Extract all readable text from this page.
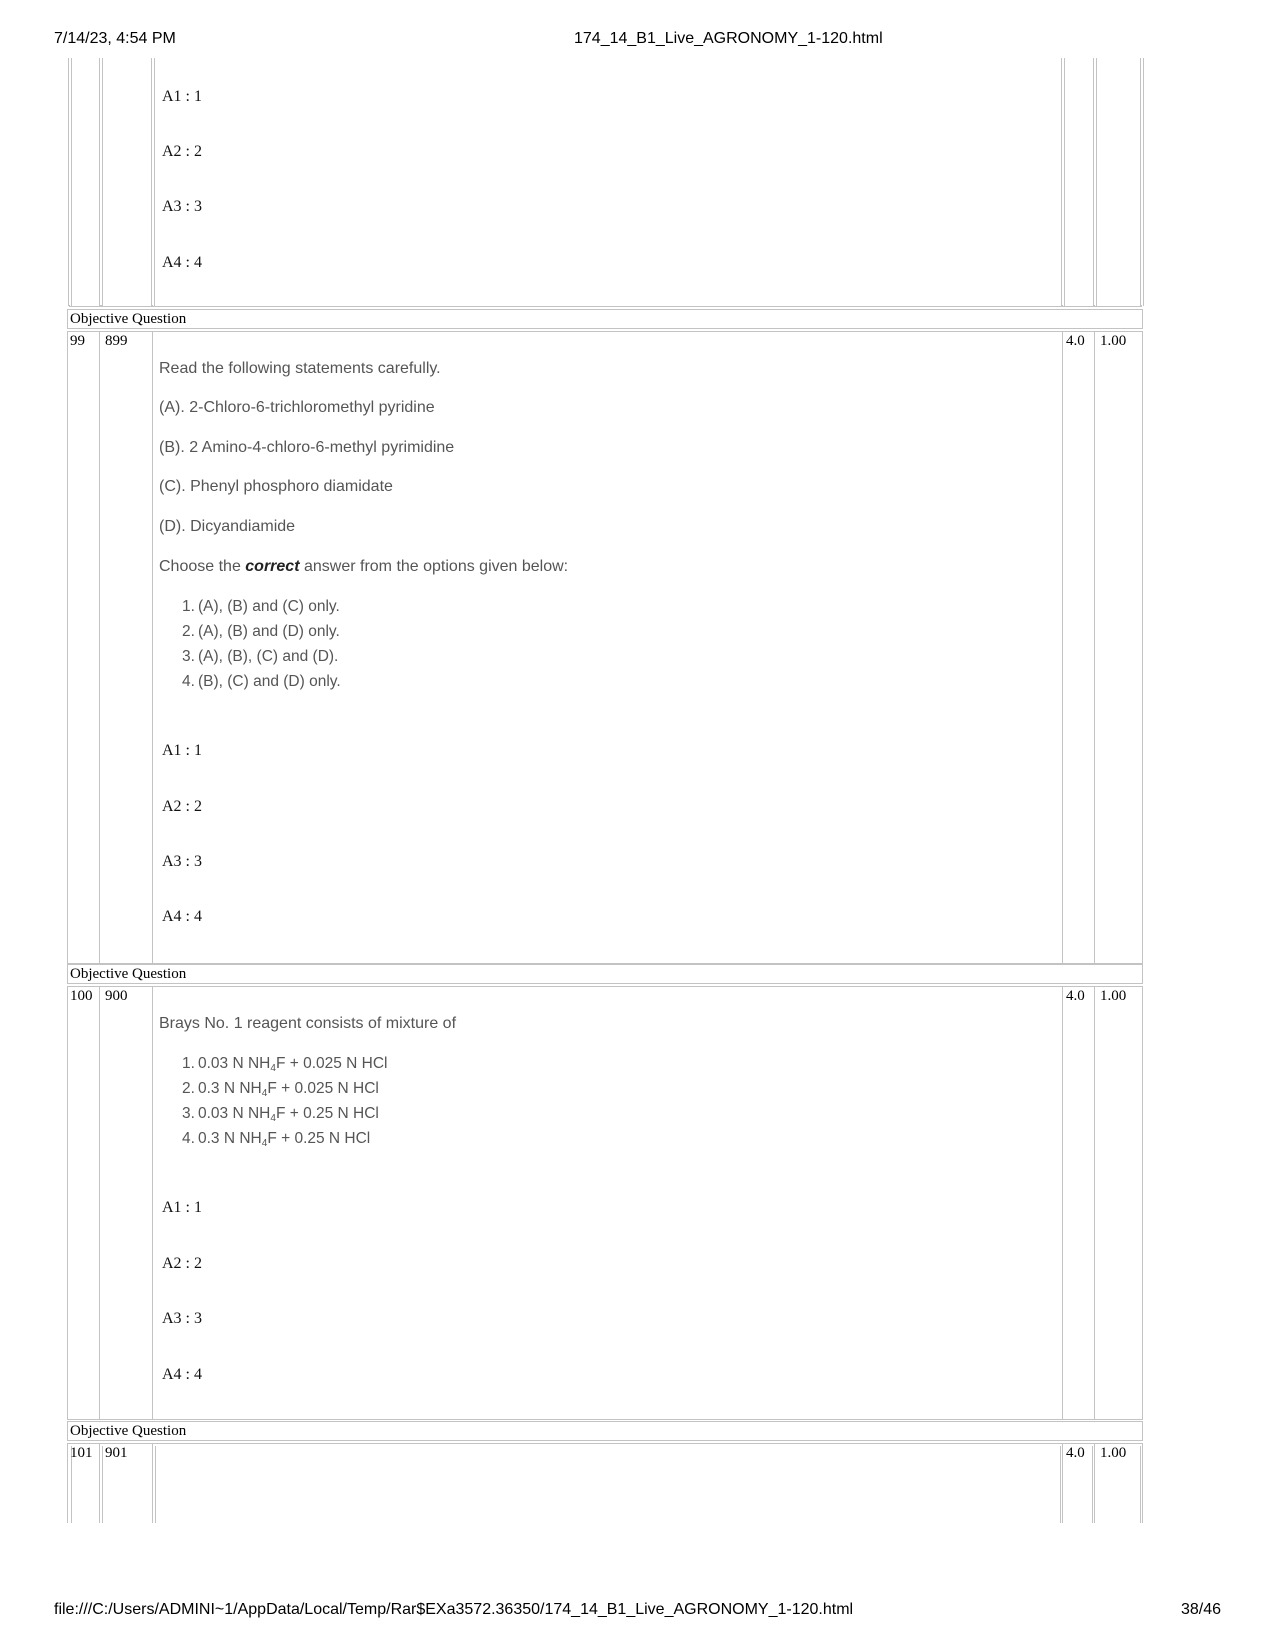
7/14/23, 4:54 PM	174_14_B1_Live_AGRONOMY_1-120.html
A1 : 1
A2 : 2
A3 : 3
A4 : 4
Objective Question
99 899	4.0 1.00
Read the following statements carefully.
(A). 2-Chloro-6-trichloromethyl pyridine
(B). 2 Amino-4-chloro-6-methyl pyrimidine
(C). Phenyl phosphoro diamidate
(D). Dicyandiamide
Choose the correct answer from the options given below:
1. (A), (B) and (C) only.
2. (A), (B) and (D) only.
3. (A), (B), (C) and (D).
4. (B), (C) and (D) only.
A1 : 1
A2 : 2
A3 : 3
A4 : 4
Objective Question
100 900	4.0 1.00
Brays No. 1 reagent consists of mixture of
1. 0.03 N $NH_4F + 0.025$ N HCl
2. 0.3 N $NH_4F + 0.025$ N HCl
3. 0.03 N $NH_4F + 0.25$ N HCl
4. 0.3 N $NH_4F + 0.25$ N HCl
A1 : 1
A2 : 2
A3 : 3
A4 : 4
Objective Question
101 901	4.0 1.00
file:///C:/Users/ADMINI~1/AppData/Local/Temp/Rar$EXa3572.36350/174_14_B1_Live_AGRONOMY_1-120.html	38/46
